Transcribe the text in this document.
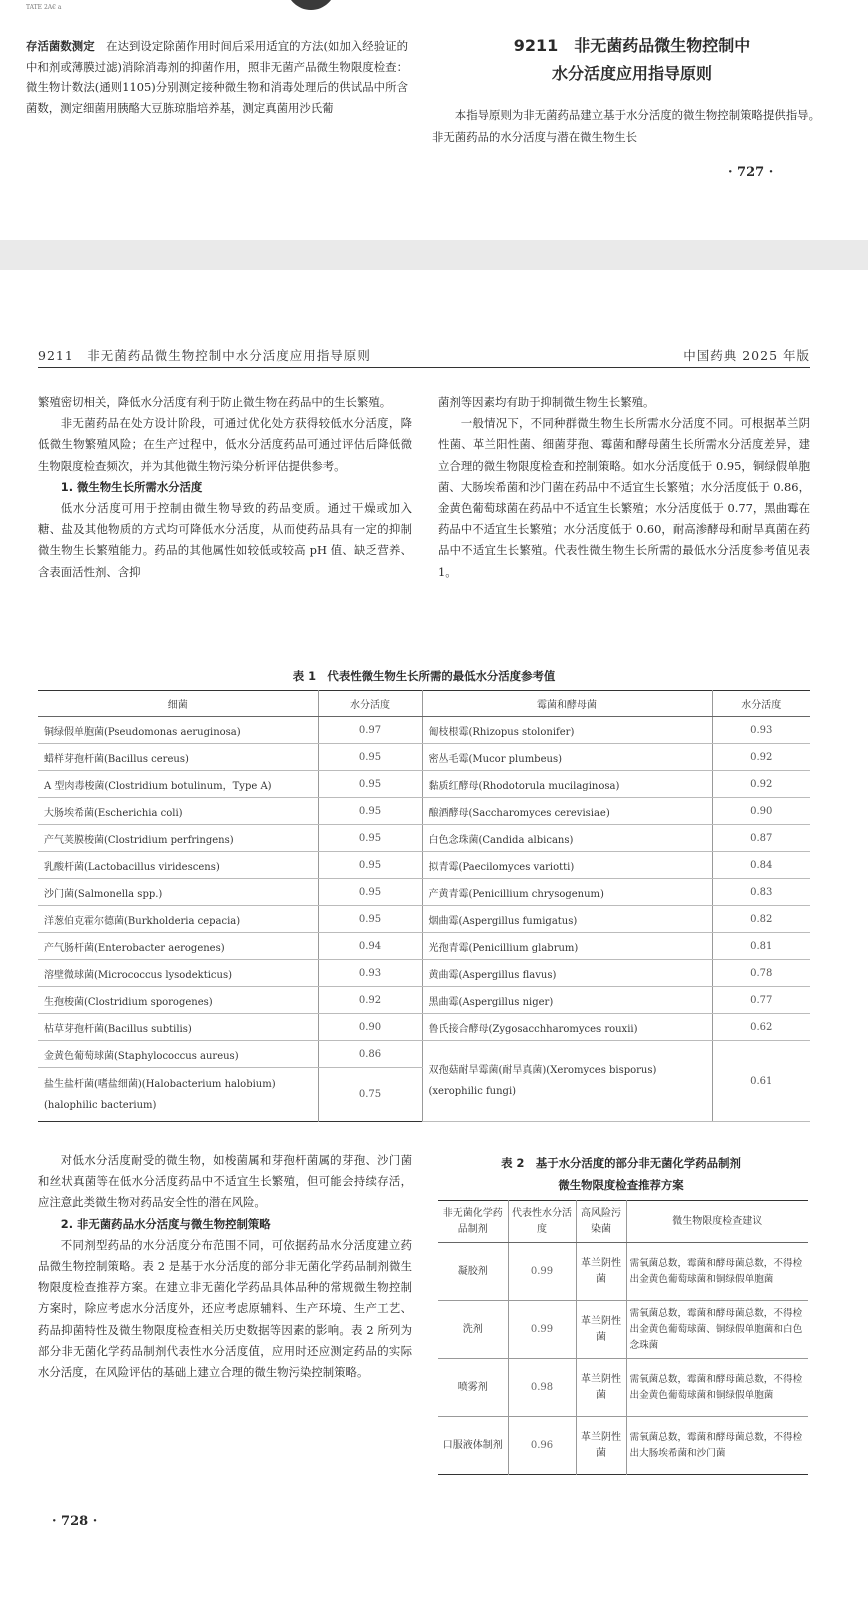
TATE 2A€ a
存活菌数测定　在达到设定除菌作用时间后采用适宜的方法(如加入经验证的中和剂或薄膜过滤)消除消毒剂的抑菌作用，照非无菌产品微生物限度检查：微生物计数法(通则1105)分别测定接种微生物和消毒处理后的供试品中所含菌数，测定细菌用胰酪大豆胨琼脂培养基，测定真菌用沙氏葡
9211　非无菌药品微生物控制中
水分活度应用指导原则
本指导原则为非无菌药品建立基于水分活度的微生物控制策略提供指导。非无菌药品的水分活度与潜在微生物生长
· 727 ·
9211　非无菌药品微生物控制中水分活度应用指导原则	中国药典 2025 年版

繁殖密切相关，降低水分活度有利于防止微生物在药品中的生长繁殖。

非无菌药品在处方设计阶段，可通过优化处方获得较低水分活度，降低微生物繁殖风险；在生产过程中，低水分活度药品可通过评估后降低微生物限度检查频次，并为其他微生物污染分析评估提供参考。

1. 微生物生长所需水分活度

低水分活度可用于控制由微生物导致的药品变质。通过干燥或加入糖、盐及其他物质的方式均可降低水分活度，从而使药品具有一定的抑制微生物生长繁殖能力。药品的其他属性如较低或较高 pH 值、缺乏营养、含表面活性剂、含抑

菌剂等因素均有助于抑制微生物生长繁殖。

一般情况下，不同种群微生物生长所需水分活度不同。可根据革兰阴性菌、革兰阳性菌、细菌芽孢、霉菌和酵母菌生长所需水分活度差异，建立合理的微生物限度检查和控制策略。如水分活度低于 0.95，铜绿假单胞菌、大肠埃希菌和沙门菌在药品中不适宜生长繁殖；水分活度低于 0.86，金黄色葡萄球菌在药品中不适宜生长繁殖；水分活度低于 0.77，黑曲霉在药品中不适宜生长繁殖；水分活度低于 0.60，耐高渗酵母和耐旱真菌在药品中不适宜生长繁殖。代表性微生物生长所需的最低水分活度参考值见表 1。

表 1　代表性微生物生长所需的最低水分活度参考值
细菌	水分活度	霉菌和酵母菌	水分活度
铜绿假单胞菌(Pseudomonas aeruginosa)	0.97	匍枝根霉(Rhizopus stolonifer)	0.93
蜡样芽孢杆菌(Bacillus cereus)	0.95	密丛毛霉(Mucor plumbeus)	0.92
A 型肉毒梭菌(Clostridium botulinum，Type A)	0.95	黏质红酵母(Rhodotorula mucilaginosa)	0.92
大肠埃希菌(Escherichia coli)	0.95	酿酒酵母(Saccharomyces cerevisiae)	0.90
产气荚膜梭菌(Clostridium perfringens)	0.95	白色念珠菌(Candida albicans)	0.87
乳酸杆菌(Lactobacillus viridescens)	0.95	拟青霉(Paecilomyces variotti)	0.84
沙门菌(Salmonella spp.)	0.95	产黄青霉(Penicillium chrysogenum)	0.83
洋葱伯克霍尔德菌(Burkholderia cepacia)	0.95	烟曲霉(Aspergillus fumigatus)	0.82
产气肠杆菌(Enterobacter aerogenes)	0.94	光孢青霉(Penicillium glabrum)	0.81
溶壁微球菌(Micrococcus lysodekticus)	0.93	黄曲霉(Aspergillus flavus)	0.78
生孢梭菌(Clostridium sporogenes)	0.92	黑曲霉(Aspergillus niger)	0.77
枯草芽孢杆菌(Bacillus subtilis)	0.90	鲁氏接合酵母(Zygosacchharomyces rouxii)	0.62
金黄色葡萄球菌(Staphylococcus aureus)	0.86	双孢菇耐旱霉菌(耐旱真菌)(Xeromyces bisporus)(xerophilic fungi)	0.61
盐生盐杆菌(嗜盐细菌)(Halobacterium halobium)(halophilic bacterium)	0.75		

对低水分活度耐受的微生物，如梭菌属和芽孢杆菌属的芽孢、沙门菌和丝状真菌等在低水分活度药品中不适宜生长繁殖，但可能会持续存活，应注意此类微生物对药品安全性的潜在风险。

2. 非无菌药品水分活度与微生物控制策略

不同剂型药品的水分活度分布范围不同，可依据药品水分活度建立药品微生物控制策略。表 2 是基于水分活度的部分非无菌化学药品制剂微生物限度检查推荐方案。在建立非无菌化学药品具体品种的常规微生物控制方案时，除应考虑水分活度外，还应考虑原辅料、生产环境、生产工艺、药品抑菌特性及微生物限度检查相关历史数据等因素的影响。表 2 所列为部分非无菌化学药品制剂代表性水分活度值，应用时还应测定药品的实际水分活度，在风险评估的基础上建立合理的微生物污染控制策略。

表 2　基于水分活度的部分非无菌化学药品制剂
微生物限度检查推荐方案
非无菌化学药品制剂	代表性水分活度	高风险污染菌	微生物限度检查建议
凝胶剂	0.99	革兰阴性菌	需氧菌总数，霉菌和酵母菌总数，不得检出金黄色葡萄球菌和铜绿假单胞菌
洗剂	0.99	革兰阴性菌	需氧菌总数，霉菌和酵母菌总数，不得检出金黄色葡萄球菌、铜绿假单胞菌和白色念珠菌
喷雾剂	0.98	革兰阴性菌	需氧菌总数，霉菌和酵母菌总数，不得检出金黄色葡萄球菌和铜绿假单胞菌
口服液体制剂	0.96	革兰阴性菌	需氧菌总数，霉菌和酵母菌总数，不得检出大肠埃希菌和沙门菌
· 728 ·
